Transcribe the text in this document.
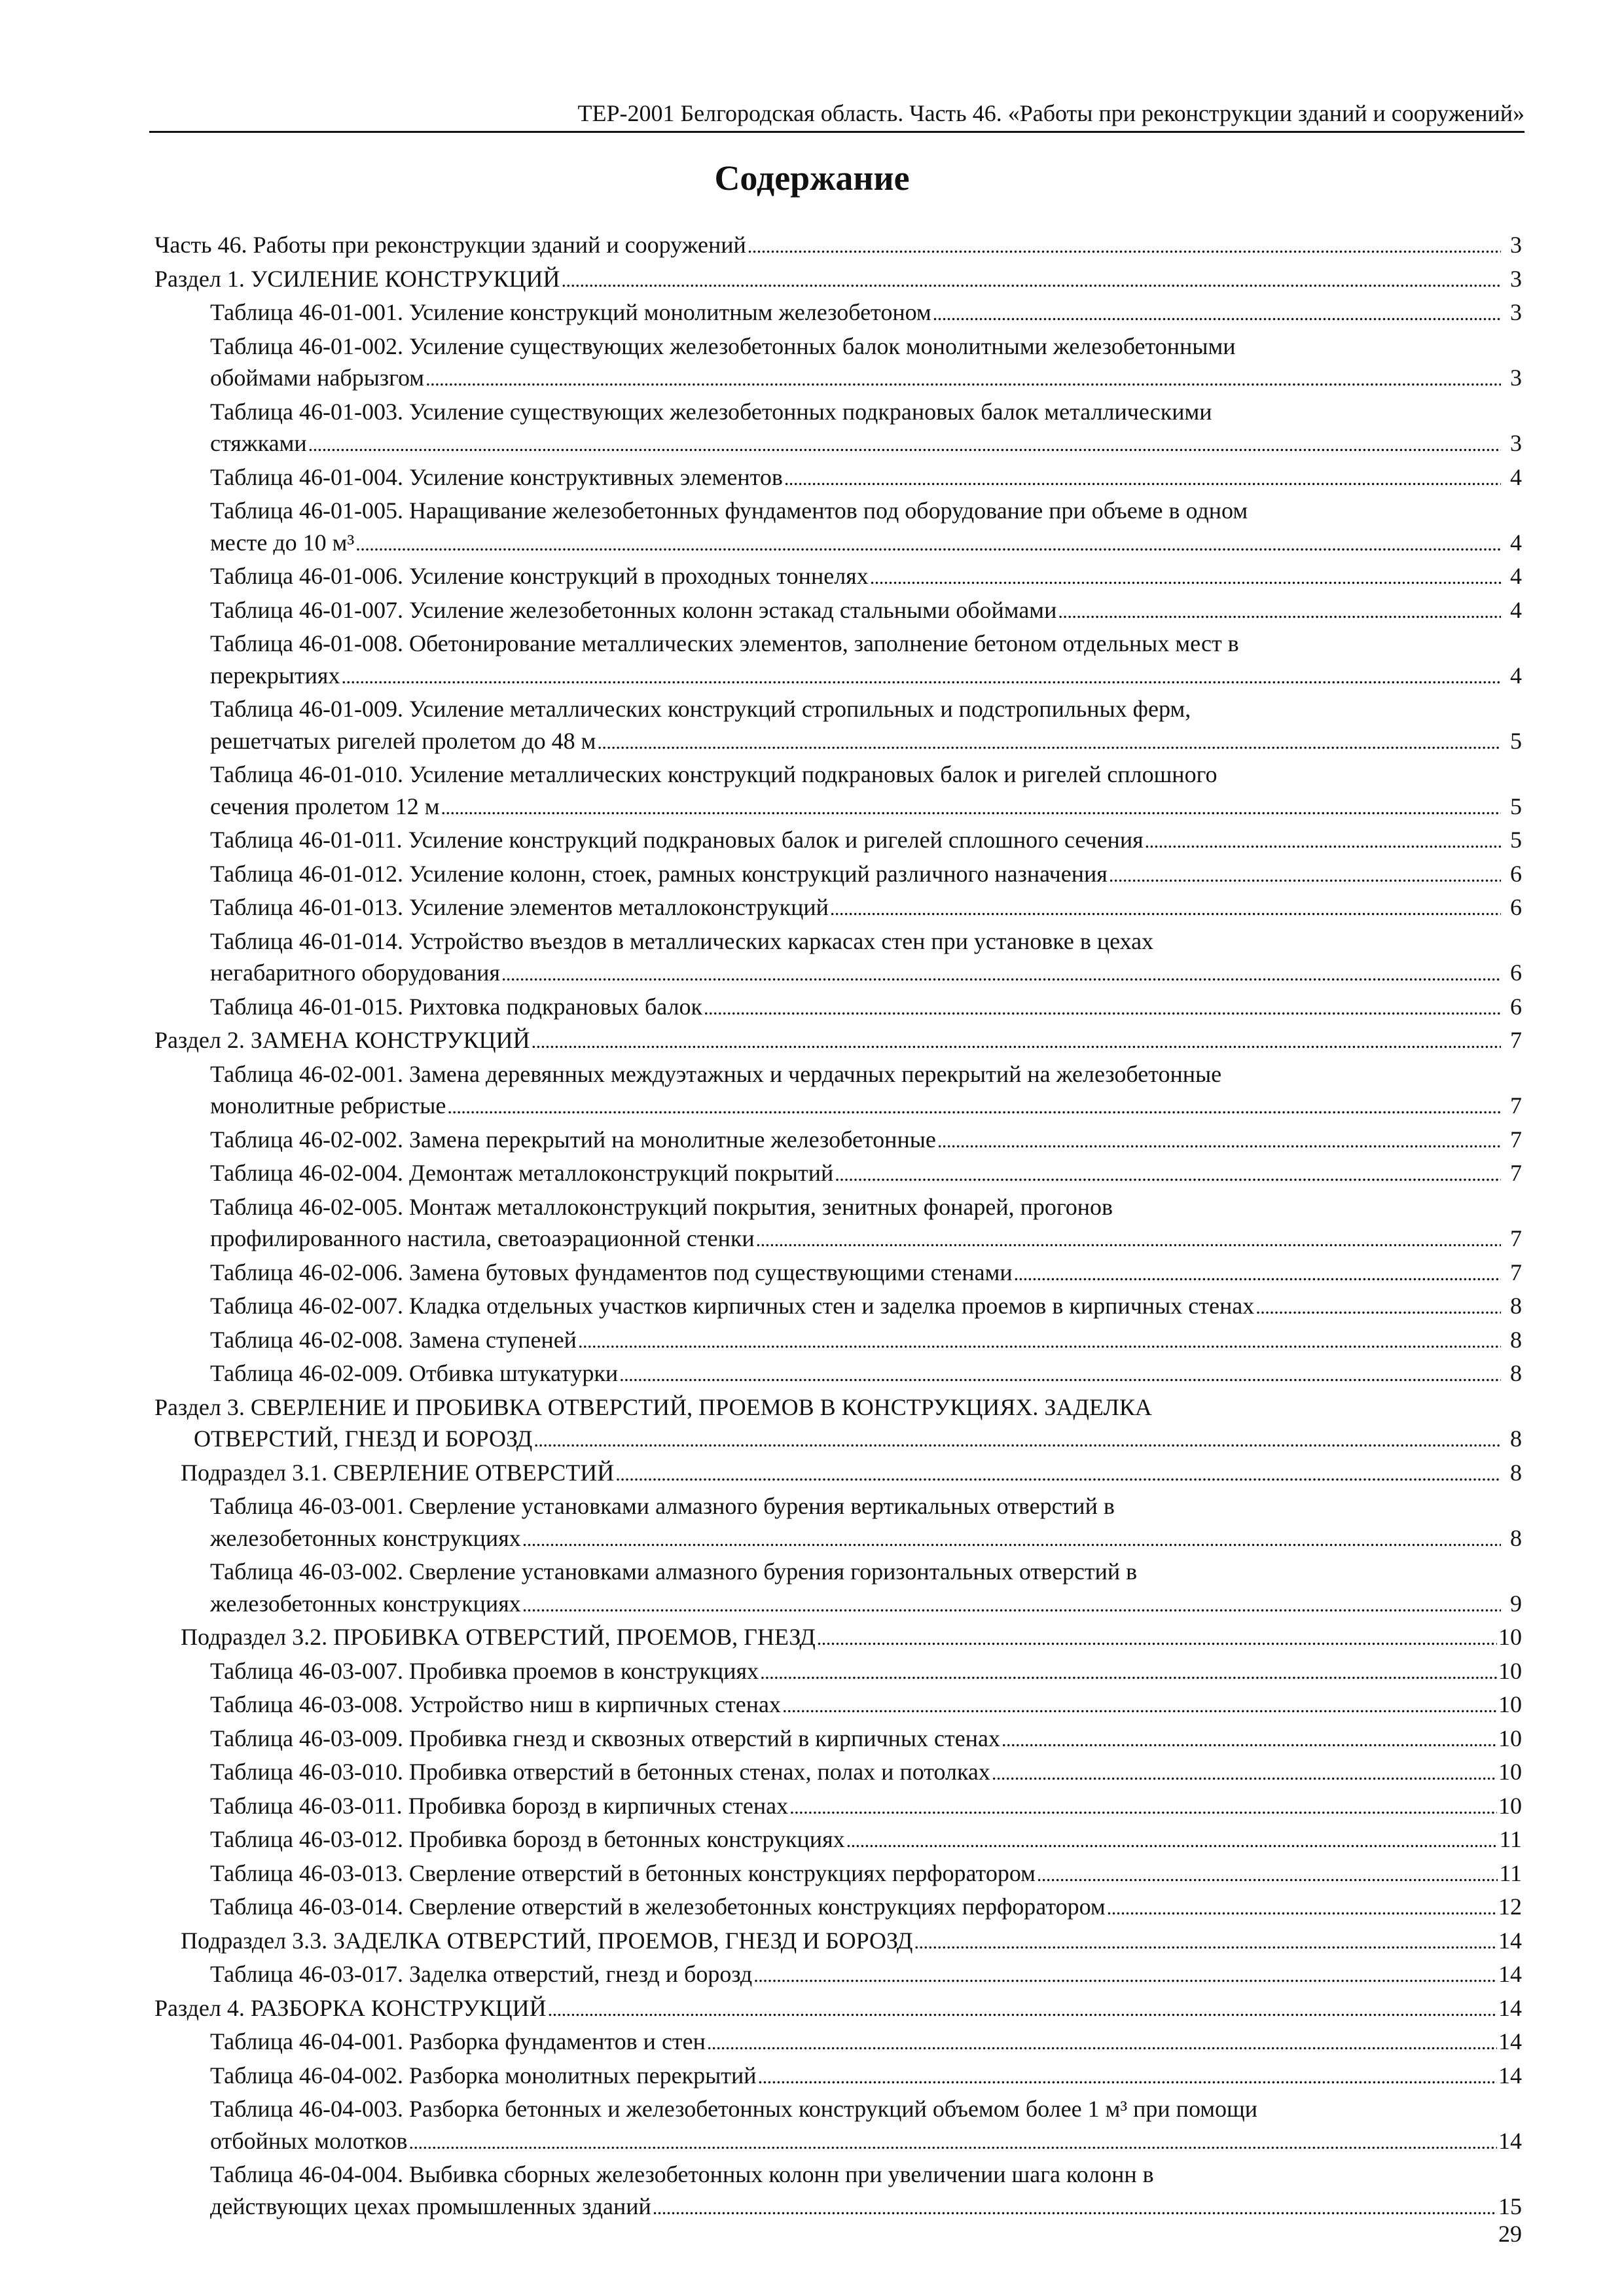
ТЕР-2001 Белгородская область. Часть 46. «Работы при реконструкции зданий и сооружений»
Содержание
Часть 46. Работы при реконструкции зданий и сооружений . . .	3
Раздел 1. УСИЛЕНИЕ КОНСТРУКЦИЙ . . .	3
Таблица 46-01-001. Усиление конструкций монолитным железобетоном . . .	3
Таблица 46-01-002. Усиление существующих железобетонных балок монолитными железобетонными
обоймами набрызгом . . .	3
Таблица 46-01-003. Усиление существующих железобетонных подкрановых балок металлическими
стяжками . . .	3
Таблица 46-01-004. Усиление конструктивных элементов . . .	4
Таблица 46-01-005. Наращивание железобетонных фундаментов под оборудование при объеме в одном
месте до 10 м³ . . .	4
Таблица 46-01-006. Усиление конструкций в проходных тоннелях . . .	4
Таблица 46-01-007. Усиление железобетонных колонн эстакад стальными обоймами . . .	4
Таблица 46-01-008. Обетонирование металлических элементов, заполнение бетоном отдельных мест в
перекрытиях . . .	4
Таблица 46-01-009. Усиление металлических конструкций стропильных и подстропильных ферм,
решетчатых ригелей пролетом до 48 м . . .	5
Таблица 46-01-010. Усиление металлических конструкций подкрановых балок и ригелей сплошного
сечения пролетом 12 м . . .	5
Таблица 46-01-011. Усиление конструкций подкрановых балок и ригелей сплошного сечения . . .	5
Таблица 46-01-012. Усиление колонн, стоек, рамных конструкций различного назначения . . .	6
Таблица 46-01-013. Усиление элементов металлоконструкций . . .	6
Таблица 46-01-014. Устройство въездов в металлических каркасах стен при установке в цехах
негабаритного оборудования . . .	6
Таблица 46-01-015. Рихтовка подкрановых балок . . .	6
Раздел 2. ЗАМЕНА КОНСТРУКЦИЙ . . .	7
Таблица 46-02-001. Замена деревянных междуэтажных и чердачных перекрытий на железобетонные
монолитные ребристые . . .	7
Таблица 46-02-002. Замена перекрытий на монолитные железобетонные . . .	7
Таблица 46-02-004. Демонтаж металлоконструкций покрытий . . .	7
Таблица 46-02-005. Монтаж металлоконструкций покрытия, зенитных фонарей, прогонов
профилированного настила, светоаэрационной стенки . . .	7
Таблица 46-02-006. Замена бутовых фундаментов под существующими стенами . . .	7
Таблица 46-02-007. Кладка отдельных участков кирпичных стен и заделка проемов в кирпичных стенах . . .	8
Таблица 46-02-008. Замена ступеней . . .	8
Таблица 46-02-009. Отбивка штукатурки . . .	8
Раздел 3. СВЕРЛЕНИЕ И ПРОБИВКА ОТВЕРСТИЙ, ПРОЕМОВ В КОНСТРУКЦИЯХ. ЗАДЕЛКА
ОТВЕРСТИЙ, ГНЕЗД И БОРОЗД . . .	8
Подраздел 3.1. СВЕРЛЕНИЕ ОТВЕРСТИЙ . . .	8
Таблица 46-03-001. Сверление установками алмазного бурения вертикальных отверстий в
железобетонных конструкциях . . .	8
Таблица 46-03-002. Сверление установками алмазного бурения горизонтальных отверстий в
железобетонных конструкциях . . .	9
Подраздел 3.2. ПРОБИВКА ОТВЕРСТИЙ, ПРОЕМОВ, ГНЕЗД . . .	10
Таблица 46-03-007. Пробивка проемов в конструкциях . . .	10
Таблица 46-03-008. Устройство ниш в кирпичных стенах . . .	10
Таблица 46-03-009. Пробивка гнезд и сквозных отверстий в кирпичных стенах . . .	10
Таблица 46-03-010. Пробивка отверстий в бетонных стенах, полах и потолках . . .	10
Таблица 46-03-011. Пробивка борозд в кирпичных стенах . . .	10
Таблица 46-03-012. Пробивка борозд в бетонных конструкциях . . .	11
Таблица 46-03-013. Сверление отверстий в бетонных конструкциях перфоратором . . .	11
Таблица 46-03-014. Сверление отверстий в железобетонных конструкциях перфоратором . . .	12
Подраздел 3.3. ЗАДЕЛКА ОТВЕРСТИЙ, ПРОЕМОВ, ГНЕЗД И БОРОЗД . . .	14
Таблица 46-03-017. Заделка отверстий, гнезд и борозд . . .	14
Раздел 4. РАЗБОРКА КОНСТРУКЦИЙ . . .	14
Таблица 46-04-001. Разборка фундаментов и стен . . .	14
Таблица 46-04-002. Разборка монолитных перекрытий . . .	14
Таблица 46-04-003. Разборка бетонных и железобетонных конструкций объемом более 1 м³ при помощи
отбойных молотков . . .	14
Таблица 46-04-004. Выбивка сборных железобетонных колонн при увеличении шага колонн в
действующих цехах промышленных зданий . . .	15
29
